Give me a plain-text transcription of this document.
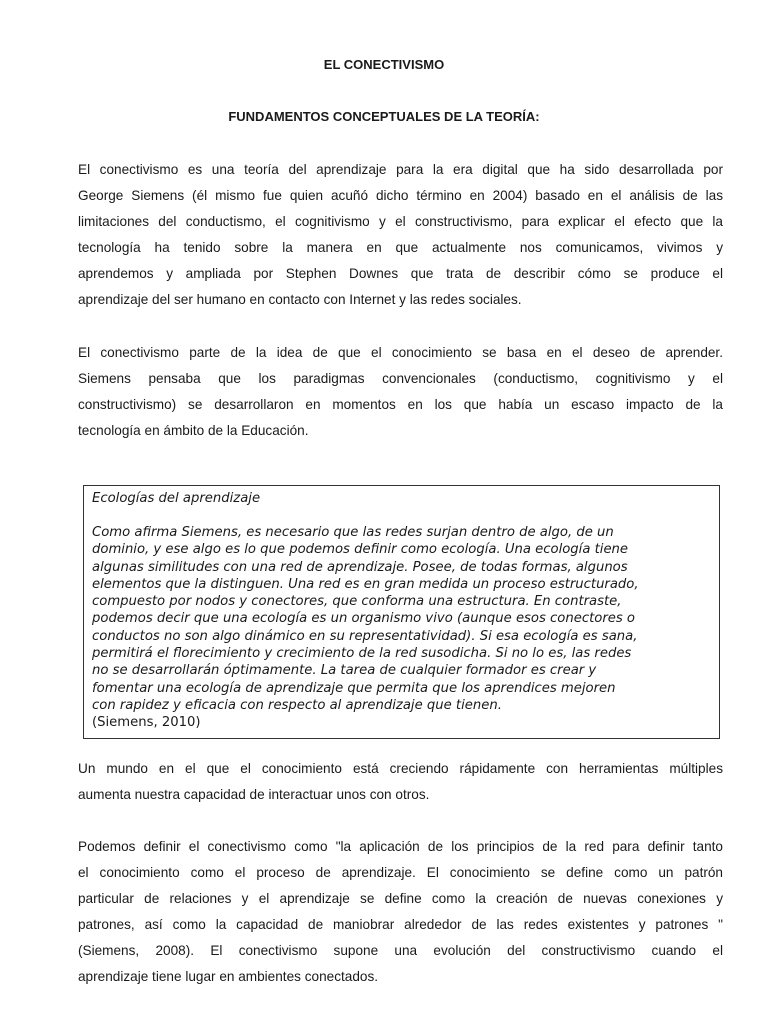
EL CONECTIVISMO
FUNDAMENTOS CONCEPTUALES DE LA TEORÍA:

El conectivismo es una teoría del aprendizaje para la era digital que ha sido desarrollada por
George Siemens (él mismo fue quien acuñó dicho término en 2004) basado en el análisis de las
limitaciones del conductismo, el cognitivismo y el constructivismo, para explicar el efecto que la
tecnología ha tenido sobre la manera en que actualmente nos comunicamos, vivimos y
aprendemos y ampliada por Stephen Downes que trata de describir cómo se produce el
aprendizaje del ser humano en contacto con Internet y las redes sociales.

El conectivismo parte de la idea de que el conocimiento se basa en el deseo de aprender.
Siemens pensaba que los paradigmas convencionales (conductismo, cognitivismo y el
constructivismo) se desarrollaron en momentos en los que había un escaso impacto de la
tecnología en ámbito de la Educación.

Ecologías del aprendizaje

Como afirma Siemens, es necesario que las redes surjan dentro de algo, de un
dominio, y ese algo es lo que podemos definir como ecología. Una ecología tiene
algunas similitudes con una red de aprendizaje. Posee, de todas formas, algunos
elementos que la distinguen. Una red es en gran medida un proceso estructurado,
compuesto por nodos y conectores, que conforma una estructura. En contraste,
podemos decir que una ecología es un organismo vivo (aunque esos conectores o
conductos no son algo dinámico en su representatividad). Si esa ecología es sana,
permitirá el florecimiento y crecimiento de la red susodicha. Si no lo es, las redes
no se desarrollarán óptimamente. La tarea de cualquier formador es crear y
fomentar una ecología de aprendizaje que permita que los aprendices mejoren
con rapidez y eficacia con respecto al aprendizaje que tienen.

(Siemens, 2010)

Un mundo en el que el conocimiento está creciendo rápidamente con herramientas múltiples
aumenta nuestra capacidad de interactuar unos con otros.

Podemos definir el conectivismo como "la aplicación de los principios de la red para definir tanto
el conocimiento como el proceso de aprendizaje. El conocimiento se define como un patrón
particular de relaciones y el aprendizaje se define como la creación de nuevas conexiones y
patrones, así como la capacidad de maniobrar alrededor de las redes existentes y patrones "
(Siemens, 2008). El conectivismo supone una evolución del constructivismo cuando el
aprendizaje tiene lugar en ambientes conectados.
